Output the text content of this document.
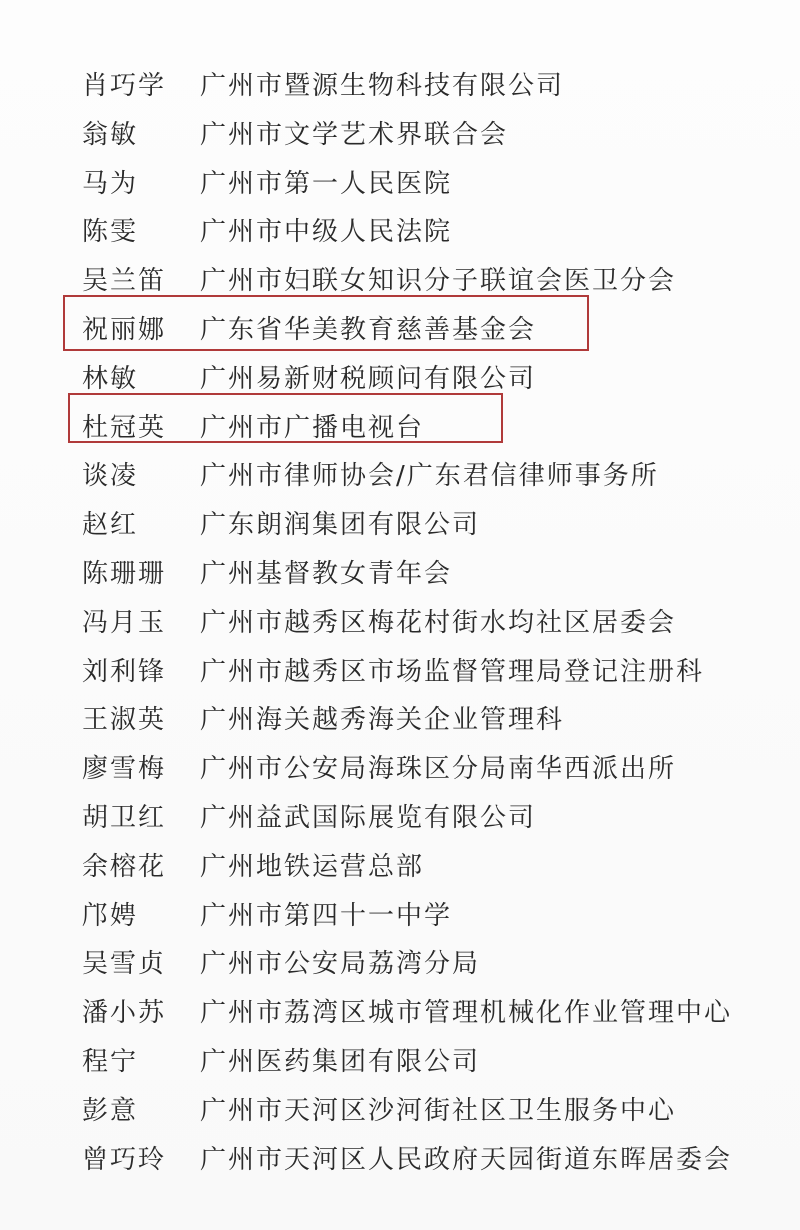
肖巧学 广州市暨源生物科技有限公司
翁敏 广州市文学艺术界联合会
马为 广州市第一人民医院
陈雯 广州市中级人民法院
吴兰笛 广州市妇联女知识分子联谊会医卫分会
祝丽娜 广东省华美教育慈善基金会
林敏 广州易新财税顾问有限公司
杜冠英 广州市广播电视台
谈凌 广州市律师协会/广东君信律师事务所
赵红 广东朗润集团有限公司
陈珊珊 广州基督教女青年会
冯月玉 广州市越秀区梅花村街水均社区居委会
刘利锋 广州市越秀区市场监督管理局登记注册科
王淑英 广州海关越秀海关企业管理科
廖雪梅 广州市公安局海珠区分局南华西派出所
胡卫红 广州益武国际展览有限公司
余榕花 广州地铁运营总部
邝娉 广州市第四十一中学
吴雪贞 广州市公安局荔湾分局
潘小苏 广州市荔湾区城市管理机械化作业管理中心
程宁 广州医药集团有限公司
彭意 广州市天河区沙河街社区卫生服务中心
曾巧玲 广州市天河区人民政府天园街道东晖居委会
